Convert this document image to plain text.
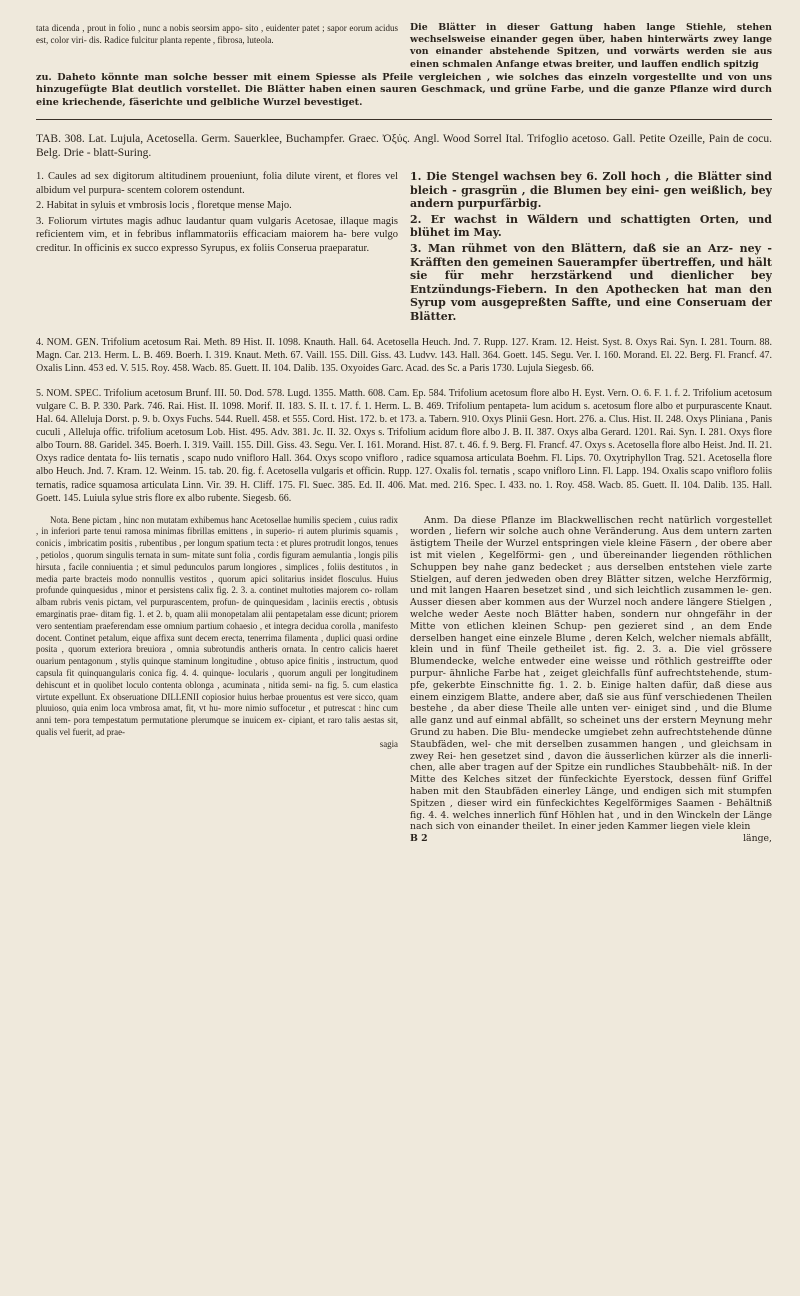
tata dicenda , prout in folio , nunc a nobis seorsim appo- sito , euidenter patet ; sapor eorum acidus est, color viri- dis. Radice fulcitur planta repente , fibrosa, luteola.

Die Blätter in dieser Gattung haben lange Stiehle, stehen wechselsweise einander gegen über, haben hinterwärts zwey lange von einander abstehende Spitzen, und vorwärts werden sie aus einen schmalen Anfange etwas breiter, und lauffen endlich spitzig

zu. Daheto könnte man solche besser mit einem Spiesse als Pfeile vergleichen , wie solches das einzeln vorgestellte und von uns hinzugefügte Blat deutlich vorstellet. Die Blätter haben einen sauren Geschmack, und grüne Farbe, und die ganze Pflanze wird durch eine kriechende, fäserichte und gelbliche Wurzel bevestiget.

TAB. 308. Lat. Lujula, Acetosella. Germ. Sauerklee, Buchampfer. Graec. Ὀξύς. Angl. Wood Sorrel Ital. Trifoglio acetoso. Gall. Petite Ozeille, Pain de cocu. Belg. Drie - blatt-Suring.

1. Caules ad sex digitorum altitudinem proueniunt, folia dilute virent, et flores vel albidum vel purpura- scentem colorem ostendunt.

2. Habitat in syluis et vmbrosis locis , floretque mense Majo.

3. Foliorum virtutes magis adhuc laudantur quam vulgaris Acetosae, illaque magis reficientem vim, et in febribus inflammatoriis efficaciam maiorem ha- bere vulgo creditur. In officinis ex succo expresso Syrupus, ex foliis Conserua praeparatur.

1. Die Stengel wachsen bey 6. Zoll hoch , die Blätter sind bleich - grasgrün , die Blumen bey eini- gen weißlich, bey andern purpurfärbig.

2. Er wachst in Wäldern und schattigten Orten, und blühet im May.

3. Man rühmet von den Blättern, daß sie an Arz- ney - Kräfften den gemeinen Sauerampfer übertreffen, und hält sie für mehr herzstärkend und dienlicher bey Entzündungs-Fiebern. In den Apothecken hat man den Syrup vom ausgepreßten Saffte, und eine Conseruam der Blätter.

4. NOM. GEN. Trifolium acetosum Rai. Meth. 89 Hist. II. 1098. Knauth. Hall. 64. Acetosella Heuch. Jnd. 7. Rupp. 127. Kram. 12. Heist. Syst. 8. Oxys Rai. Syn. I. 281. Tourn. 88. Magn. Car. 213. Herm. L. B. 469. Boerh. I. 319. Knaut. Meth. 67. Vaill. 155. Dill. Giss. 43. Ludvv. 143. Hall. 364. Goett. 145. Segu. Ver. I. 160. Morand. El. 22. Berg. Fl. Francf. 47. Oxalis Linn. 453 ed. V. 515. Roy. 458. Wacb. 85. Guett. II. 104. Dalib. 135. Oxyoides Garc. Acad. des Sc. a Paris 1730. Lujula Siegesb. 66.

5. NOM. SPEC. Trifolium acetosum Brunf. III. 50. Dod. 578. Lugd. 1355. Matth. 608. Cam. Ep. 584. Trifolium acetosum flore albo H. Eyst. Vern. O. 6. F. 1. f. 2. Trifolium acetosum vulgare C. B. P. 330. Park. 746. Rai. Hist. II. 1098. Morif. II. 183. S. II. t. 17. f. 1. Herm. L. B. 469. Trifolium pentapeta- lum acidum s. acetosum flore albo et purpurascente Knaut. Hal. 64. Alleluja Dorst. p. 9. b. Oxys Fuchs. 544. Ruell. 458. et 555. Cord. Hist. 172. b. et 173. a. Tabern. 910. Oxys Plinii Gesn. Hort. 276. a. Clus. Hist. II. 248. Oxys Pliniana , Panis cuculi , Alleluja offic. trifolium acetosum Lob. Hist. 495. Adv. 381. Jc. II. 32. Oxys s. Trifolium acidum flore albo J. B. II. 387. Oxys alba Gerard. 1201. Rai. Syn. I. 281. Oxys flore albo Tourn. 88. Garidel. 345. Boerh. I. 319. Vaill. 155. Dill. Giss. 43. Segu. Ver. I. 161. Morand. Hist. 87. t. 46. f. 9. Berg. Fl. Francf. 47. Oxys s. Acetosella flore albo Heist. Jnd. II. 21. Oxys radice dentata fo- liis ternatis , scapo nudo vnifloro Hall. 364. Oxys scopo vnifloro , radice squamosa articulata Boehm. Fl. Lips. 70. Oxytriphyllon Trag. 521. Acetosella flore albo Heuch. Jnd. 7. Kram. 12. Weinm. 15. tab. 20. fig. f. Acetosella vulgaris et officin. Rupp. 127. Oxalis fol. ternatis , scapo vnifloro Linn. Fl. Lapp. 194. Oxalis scapo vnifloro foliis ternatis, radice squamosa articulata Linn. Vir. 39. H. Cliff. 175. Fl. Suec. 385. Ed. II. 406. Mat. med. 216. Spec. I. 433. no. 1. Roy. 458. Wacb. 85. Guett. II. 104. Dalib. 135. Hall. Goett. 145. Luiula sylue stris flore ex albo rubente. Siegesb. 66.

Nota. Bene pictam , hinc non mutatam exhibemus hanc Acetosellae humilis speciem , cuius radix , in inferiori parte tenui ramosa minimas fibrillas emittens , in superio- ri autem plurimis squamis , conicis , imbricatim positis , rubentibus , per longum spatium tecta : et plures protrudit longos, tenues , petiolos , quorum singulis ternata in sum- mitate sunt folia , cordis figuram aemulantia , longis pilis hirsuta , facile conniuentia ; et simul pedunculos parum longiores , simplices , foliis destitutos , in media parte bracteis modo nonnullis vestitos , quorum apici solitarius insidet flosculus. Huius profunde quinquesidus , minor et persistens calix fig. 2. 3. a. continet multoties majorem co- rollam albam rubris venis pictam, vel purpurascentem, profun- de quinquesidam , laciniis erectis , obtusis emarginatis prae- ditam fig. 1. et 2. b, quam alii monopetalam alii pentapetalam esse dicunt; priorem vero sententiam praeferendam esse omnium partium cohaesio , et integra decidua corolla , manifesto docent. Continet petalum, eique affixa sunt decem erecta, tenerrima filamenta , duplici quasi ordine posita , quorum exteriora breuiora , omnia subrotundis antheris ornata. In centro calicis haeret ouarium pentagonum , stylis quinque staminum longitudine , obtuso apice finitis , instructum, quod capsula fit quinquangularis conica fig. 4. 4. quinque- locularis , quorum anguli per longitudinem dehiscunt et in quolibet loculo contenta oblonga , acuminata , nitida semi- na fig. 5. cum elastica virtute expellunt. Ex obseruatione DILLENII copiosior huius herbae prouentus est vere sicco, quam pluuioso, quia enim loca vmbrosa amat, fit, vt hu- more nimio suffocetur , et putrescat : hinc cum anni tem- pora tempestatum permutatione plerumque se inuicem ex- cipiant, et raro talis aestas sit, qualis vel fuerit, ad prae-

sagia

Anm. Da diese Pflanze im Blackwellischen recht natürlich vorgestellet worden , liefern wir solche auch ohne Veränderung. Aus dem untern zarten ästigtem Theile der Wurzel entspringen viele kleine Fäsern , der obere aber ist mit vielen , Kegelförmi- gen , und übereinander liegenden röthlichen Schuppen bey nahe ganz bedecket ; aus derselben entstehen viele zarte Stielgen, auf deren jedweden oben drey Blätter sitzen, welche Herzförmig, und mit langen Haaren besetzet sind , und sich leichtlich zusammen le- gen. Ausser diesen aber kommen aus der Wurzel noch andere längere Stielgen , welche weder Aeste noch Blätter haben, sondern nur ohngefähr in der Mitte von etlichen kleinen Schup- pen gezieret sind , an dem Ende derselben hanget eine einzele Blume , deren Kelch, welcher niemals abfällt, klein und in fünf Theile getheilet ist. fig. 2. 3. a. Die viel grössere Blumendecke, welche entweder eine weisse und röthlich gestreiffte oder purpur- ähnliche Farbe hat , zeiget gleichfalls fünf aufrechtstehende, stum- pfe, gekerbte Einschnitte fig. 1. 2. b. Einige halten dafür, daß diese aus einem einzigem Blatte, andere aber, daß sie aus fünf verschiedenen Theilen bestehe , da aber diese Theile alle unten ver- einiget sind , und die Blume alle ganz und auf einmal abfällt, so scheinet uns der erstern Meynung mehr Grund zu haben. Die Blu- mendecke umgiebet zehn aufrechtstehende dünne Staubfäden, wel- che mit derselben zusammen hangen , und gleichsam in zwey Rei- hen gesetzet sind , davon die äusserlichen kürzer als die innerli- chen, alle aber tragen auf der Spitze ein rundliches Staubbehält- niß. In der Mitte des Kelches sitzet der fünfeckichte Eyerstock, dessen fünf Griffel haben mit den Staubfäden einerley Länge, und endigen sich mit stumpfen Spitzen , dieser wird ein fünfeckichtes Kegelförmiges Saamen - Behältniß fig. 4. 4. welches innerlich fünf Höhlen hat , und in den Winckeln der Länge nach sich von einander theilet. In einer jeden Kammer liegen viele klein

B 2	länge,
